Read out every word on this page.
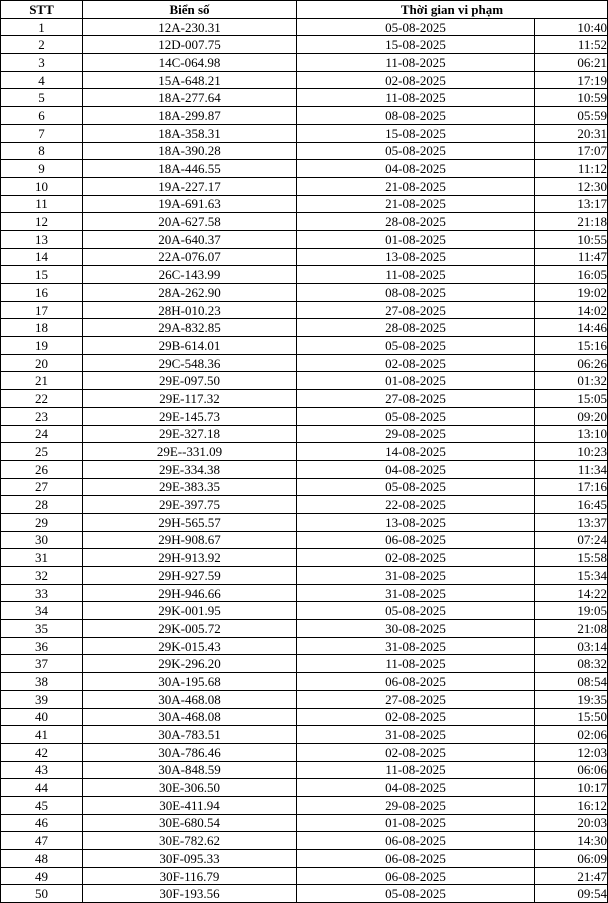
STT	Biển số	Thời gian vi phạm	
1	12A-230.31	05-08-2025	10:40
2	12D-007.75	15-08-2025	11:52
3	14C-064.98	11-08-2025	06:21
4	15A-648.21	02-08-2025	17:19
5	18A-277.64	11-08-2025	10:59
6	18A-299.87	08-08-2025	05:59
7	18A-358.31	15-08-2025	20:31
8	18A-390.28	05-08-2025	17:07
9	18A-446.55	04-08-2025	11:12
10	19A-227.17	21-08-2025	12:30
11	19A-691.63	21-08-2025	13:17
12	20A-627.58	28-08-2025	21:18
13	20A-640.37	01-08-2025	10:55
14	22A-076.07	13-08-2025	11:47
15	26C-143.99	11-08-2025	16:05
16	28A-262.90	08-08-2025	19:02
17	28H-010.23	27-08-2025	14:02
18	29A-832.85	28-08-2025	14:46
19	29B-614.01	05-08-2025	15:16
20	29C-548.36	02-08-2025	06:26
21	29E-097.50	01-08-2025	01:32
22	29E-117.32	27-08-2025	15:05
23	29E-145.73	05-08-2025	09:20
24	29E-327.18	29-08-2025	13:10
25	29E--331.09	14-08-2025	10:23
26	29E-334.38	04-08-2025	11:34
27	29E-383.35	05-08-2025	17:16
28	29E-397.75	22-08-2025	16:45
29	29H-565.57	13-08-2025	13:37
30	29H-908.67	06-08-2025	07:24
31	29H-913.92	02-08-2025	15:58
32	29H-927.59	31-08-2025	15:34
33	29H-946.66	31-08-2025	14:22
34	29K-001.95	05-08-2025	19:05
35	29K-005.72	30-08-2025	21:08
36	29K-015.43	31-08-2025	03:14
37	29K-296.20	11-08-2025	08:32
38	30A-195.68	06-08-2025	08:54
39	30A-468.08	27-08-2025	19:35
40	30A-468.08	02-08-2025	15:50
41	30A-783.51	31-08-2025	02:06
42	30A-786.46	02-08-2025	12:03
43	30A-848.59	11-08-2025	06:06
44	30E-306.50	04-08-2025	10:17
45	30E-411.94	29-08-2025	16:12
46	30E-680.54	01-08-2025	20:03
47	30E-782.62	06-08-2025	14:30
48	30F-095.33	06-08-2025	06:09
49	30F-116.79	06-08-2025	21:47
50	30F-193.56	05-08-2025	09:54
